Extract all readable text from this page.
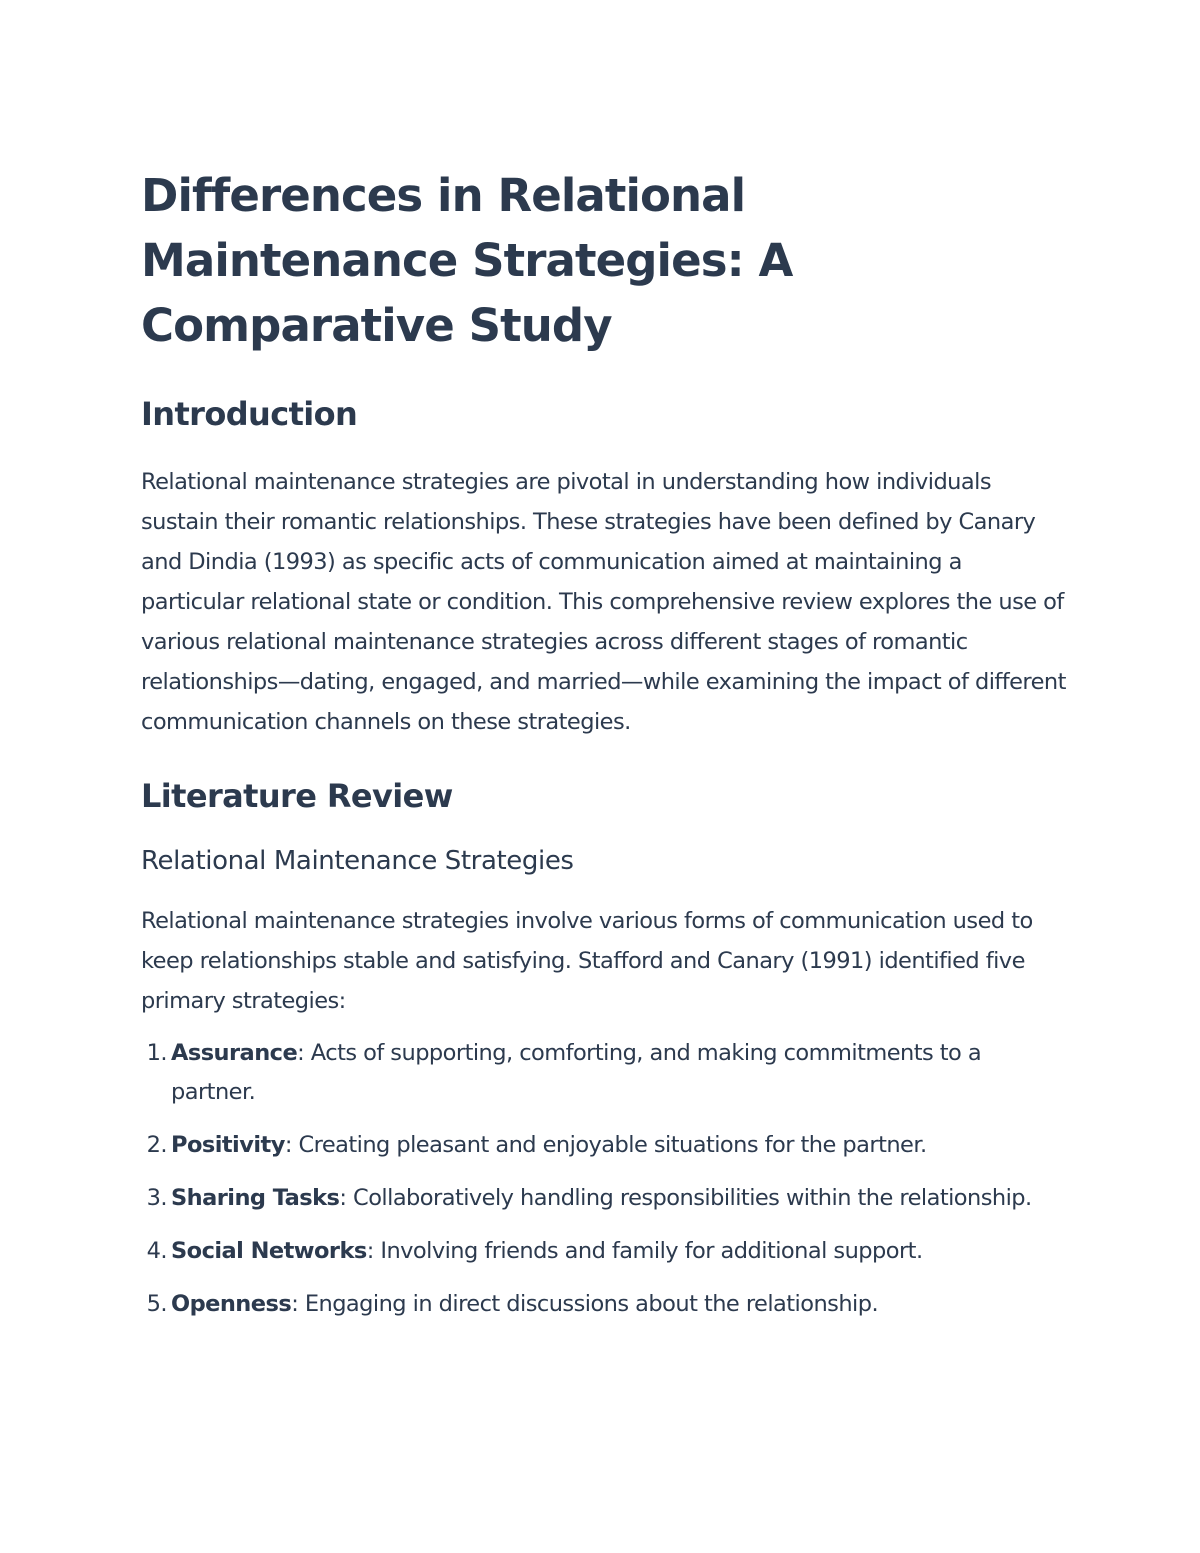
Differences in Relational Maintenance Strategies: A Comparative Study
Introduction

Relational maintenance strategies are pivotal in understanding how individuals sustain their romantic relationships. These strategies have been defined by Canary and Dindia (1993) as specific acts of communication aimed at maintaining a particular relational state or condition. This comprehensive review explores the use of various relational maintenance strategies across different stages of romantic relationships—dating, engaged, and married—while examining the impact of different communication channels on these strategies.

Literature Review
Relational Maintenance Strategies

Relational maintenance strategies involve various forms of communication used to keep relationships stable and satisfying. Stafford and Canary (1991) identified five primary strategies:

1. Assurance: Acts of supporting, comforting, and making commitments to a partner.
2. Positivity: Creating pleasant and enjoyable situations for the partner.
3. Sharing Tasks: Collaboratively handling responsibilities within the relationship.
4. Social Networks: Involving friends and family for additional support.
5. Openness: Engaging in direct discussions about the relationship.
